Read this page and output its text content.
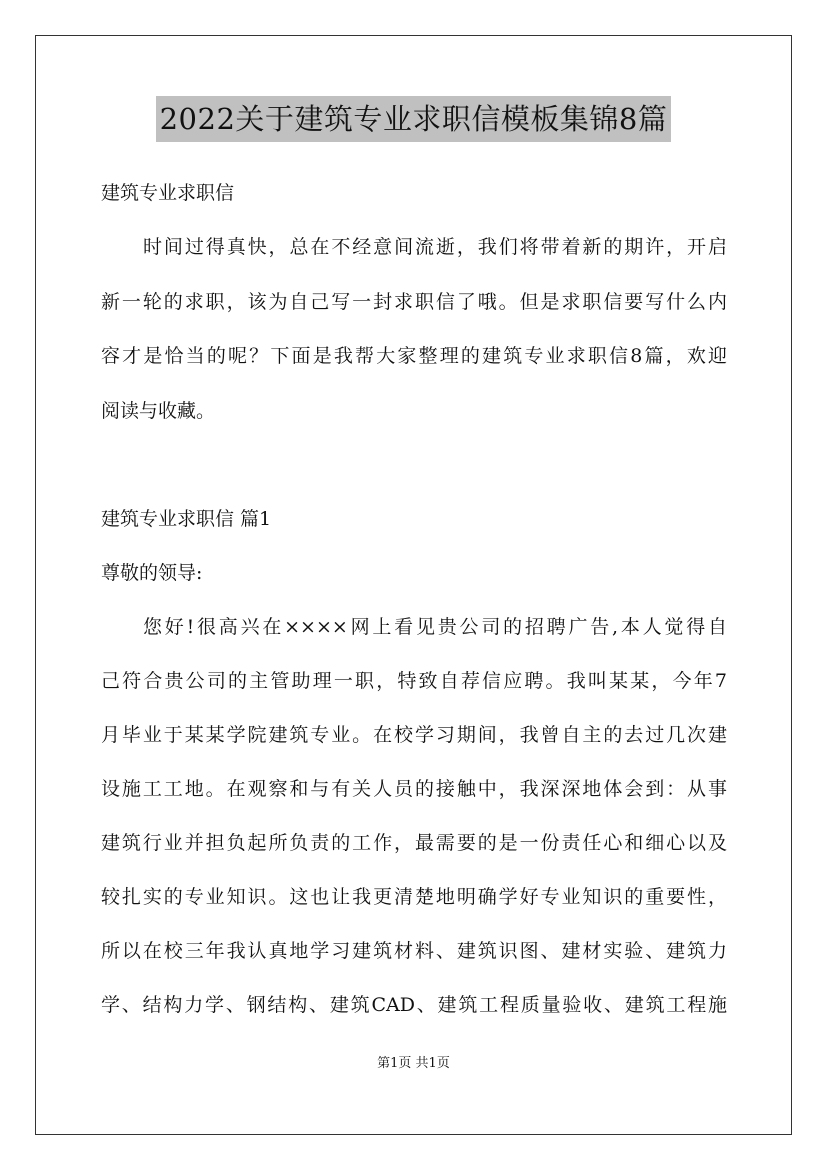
2022关于建筑专业求职信模板集锦8篇
建筑专业求职信
时间过得真快，总在不经意间流逝，我们将带着新的期许，开启
新一轮的求职，该为自己写一封求职信了哦。但是求职信要写什么内
容才是恰当的呢？下面是我帮大家整理的建筑专业求职信8篇，欢迎
阅读与收藏。
建筑专业求职信 篇1
尊敬的领导:
您好!很高兴在××××网上看见贵公司的招聘广告,本人觉得自
己符合贵公司的主管助理一职，特致自荐信应聘。我叫某某，今年7
月毕业于某某学院建筑专业。在校学习期间，我曾自主的去过几次建
设施工工地。在观察和与有关人员的接触中，我深深地体会到：从事
建筑行业并担负起所负责的工作，最需要的是一份责任心和细心以及
较扎实的专业知识。这也让我更清楚地明确学好专业知识的重要性，
所以在校三年我认真地学习建筑材料、建筑识图、建材实验、建筑力
学、结构力学、钢结构、建筑CAD、建筑工程质量验收、建筑工程施
第1页 共1页
